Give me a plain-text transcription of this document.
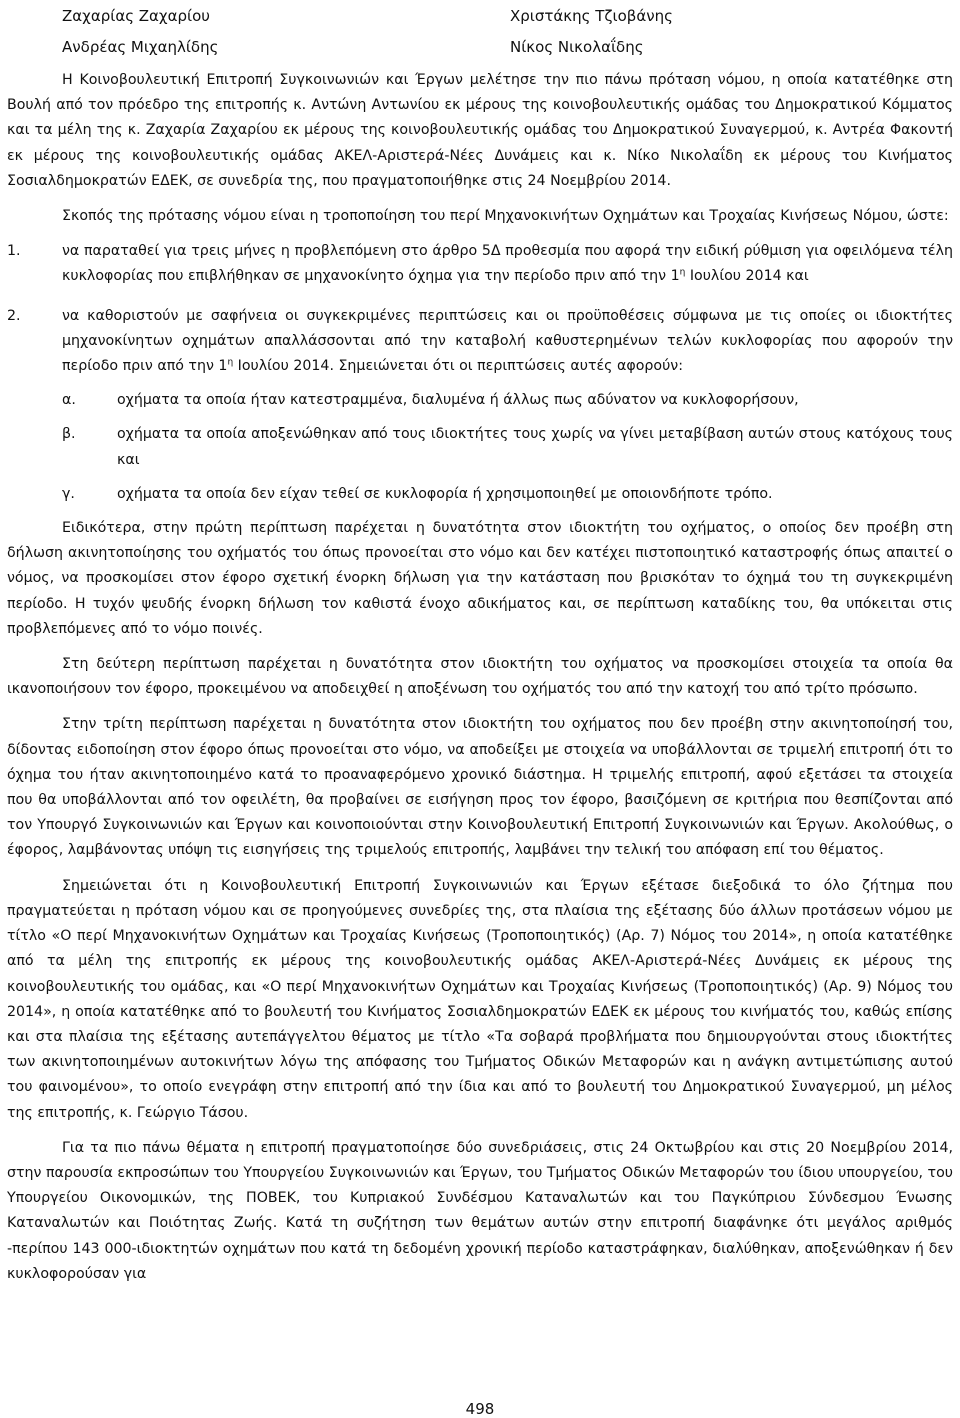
Ζαχαρίας Ζαχαρίου	Χριστάκης Τζιοβάνης
Ανδρέας Μιχαηλίδης	Νίκος Νικολαΐδης

Η Κοινοβουλευτική Επιτροπή Συγκοινωνιών και Έργων μελέτησε την πιο πάνω πρόταση νόμου, η οποία κατατέθηκε στη Βουλή από τον πρόεδρο της επιτροπής κ. Αντώνη Αντωνίου εκ μέρους της κοινοβουλευτικής ομάδας του Δημοκρατικού Κόμματος και τα μέλη της κ. Ζαχαρία Ζαχαρίου εκ μέρους της κοινοβουλευτικής ομάδας του Δημοκρατικού Συναγερμού, κ. Αντρέα Φακοντή εκ μέρους της κοινοβουλευτικής ομάδας ΑΚΕΛ-Αριστερά-Νέες Δυνάμεις και κ. Νίκο Νικολαΐδη εκ μέρους του Κινήματος Σοσιαλδημοκρατών ΕΔΕΚ, σε συνεδρία της, που πραγματοποιήθηκε στις 24 Νοεμβρίου 2014.

Σκοπός της πρότασης νόμου είναι η τροποποίηση του περί Μηχανοκινήτων Οχημάτων και Τροχαίας Κινήσεως Νόμου, ώστε:

1.	να παραταθεί για τρεις μήνες η προβλεπόμενη στο άρθρο 5Δ προθεσμία που αφορά την ειδική ρύθμιση για οφειλόμενα τέλη κυκλοφορίας που επιβλήθηκαν σε μηχανοκίνητο όχημα για την περίοδο πριν από την $1^\eta$ Ιουλίου 2014 και
2.	να καθοριστούν με σαφήνεια οι συγκεκριμένες περιπτώσεις και οι προϋποθέσεις σύμφωνα με τις οποίες οι ιδιοκτήτες μηχανοκίνητων οχημάτων απαλλάσσονται από την καταβολή καθυστερημένων τελών κυκλοφορίας που αφορούν την περίοδο πριν από την $1^\eta$ Ιουλίου 2014. Σημειώνεται ότι οι περιπτώσεις αυτές αφορούν:
α.	οχήματα τα οποία ήταν κατεστραμμένα, διαλυμένα ή άλλως πως αδύνατον να κυκλοφορήσουν,
β.	οχήματα τα οποία αποξενώθηκαν από τους ιδιοκτήτες τους χωρίς να γίνει μεταβίβαση αυτών στους κατόχους τους και
γ.	οχήματα τα οποία δεν είχαν τεθεί σε κυκλοφορία ή χρησιμοποιηθεί με οποιονδήποτε τρόπο.

Ειδικότερα, στην πρώτη περίπτωση παρέχεται η δυνατότητα στον ιδιοκτήτη του οχήματος, ο οποίος δεν προέβη στη δήλωση ακινητοποίησης του οχήματός του όπως προνοείται στο νόμο και δεν κατέχει πιστοποιητικό καταστροφής όπως απαιτεί ο νόμος, να προσκομίσει στον έφορο σχετική ένορκη δήλωση για την κατάσταση που βρισκόταν το όχημά του τη συγκεκριμένη περίοδο. Η τυχόν ψευδής ένορκη δήλωση τον καθιστά ένοχο αδικήματος και, σε περίπτωση καταδίκης του, θα υπόκειται στις προβλεπόμενες από το νόμο ποινές.

Στη δεύτερη περίπτωση παρέχεται η δυνατότητα στον ιδιοκτήτη του οχήματος να προσκομίσει στοιχεία τα οποία θα ικανοποιήσουν τον έφορο, προκειμένου να αποδειχθεί η αποξένωση του οχήματός του από την κατοχή του από τρίτο πρόσωπο.

Στην τρίτη περίπτωση παρέχεται η δυνατότητα στον ιδιοκτήτη του οχήματος που δεν προέβη στην ακινητοποίησή του, δίδοντας ειδοποίηση στον έφορο όπως προνοείται στο νόμο, να αποδείξει με στοιχεία να υποβάλλονται σε τριμελή επιτροπή ότι το όχημα του ήταν ακινητοποιημένο κατά το προαναφερόμενο χρονικό διάστημα. Η τριμελής επιτροπή, αφού εξετάσει τα στοιχεία που θα υποβάλλονται από τον οφειλέτη, θα προβαίνει σε εισήγηση προς τον έφορο, βασιζόμενη σε κριτήρια που θεσπίζονται από τον Υπουργό Συγκοινωνιών και Έργων και κοινοποιούνται στην Κοινοβουλευτική Επιτροπή Συγκοινωνιών και Έργων. Ακολούθως, ο έφορος, λαμβάνοντας υπόψη τις εισηγήσεις της τριμελούς επιτροπής, λαμβάνει την τελική του απόφαση επί του θέματος.

Σημειώνεται ότι η Κοινοβουλευτική Επιτροπή Συγκοινωνιών και Έργων εξέτασε διεξοδικά το όλο ζήτημα που πραγματεύεται η πρόταση νόμου και σε προηγούμενες συνεδρίες της, στα πλαίσια της εξέτασης δύο άλλων προτάσεων νόμου με τίτλο «Ο περί Μηχανοκινήτων Οχημάτων και Τροχαίας Κινήσεως (Τροποποιητικός) (Αρ. 7) Νόμος του 2014», η οποία κατατέθηκε από τα μέλη της επιτροπής εκ μέρους της κοινοβουλευτικής ομάδας ΑΚΕΛ-Αριστερά-Νέες Δυνάμεις εκ μέρους της κοινοβουλευτικής του ομάδας, και «Ο περί Μηχανοκινήτων Οχημάτων και Τροχαίας Κινήσεως (Τροποποιητικός) (Αρ. 9) Νόμος του 2014», η οποία κατατέθηκε από το βουλευτή του Κινήματος Σοσιαλδημοκρατών ΕΔΕΚ εκ μέρους του κινήματός του, καθώς επίσης και στα πλαίσια της εξέτασης αυτεπάγγελτου θέματος με τίτλο «Τα σοβαρά προβλήματα που δημιουργούνται στους ιδιοκτήτες των ακινητοποιημένων αυτοκινήτων λόγω της απόφασης του Τμήματος Οδικών Μεταφορών και η ανάγκη αντιμετώπισης αυτού του φαινομένου», το οποίο ενεγράφη στην επιτροπή από την ίδια και από το βουλευτή του Δημοκρατικού Συναγερμού, μη μέλος της επιτροπής, κ. Γεώργιο Τάσου.

Για τα πιο πάνω θέματα η επιτροπή πραγματοποίησε δύο συνεδριάσεις, στις 24 Οκτωβρίου και στις 20 Νοεμβρίου 2014, στην παρουσία εκπροσώπων του Υπουργείου Συγκοινωνιών και Έργων, του Τμήματος Οδικών Μεταφορών του ίδιου υπουργείου, του Υπουργείου Οικονομικών, της ΠΟΒΕΚ, του Κυπριακού Συνδέσμου Καταναλωτών και του Παγκύπριου Σύνδεσμου Ένωσης Καταναλωτών και Ποιότητας Ζωής. Κατά τη συζήτηση των θεμάτων αυτών στην επιτροπή διαφάνηκε ότι μεγάλος αριθμός -περίπου 143 000-ιδιοκτητών οχημάτων που κατά τη δεδομένη χρονική περίοδο καταστράφηκαν, διαλύθηκαν, αποξενώθηκαν ή δεν κυκλοφορούσαν για

498
